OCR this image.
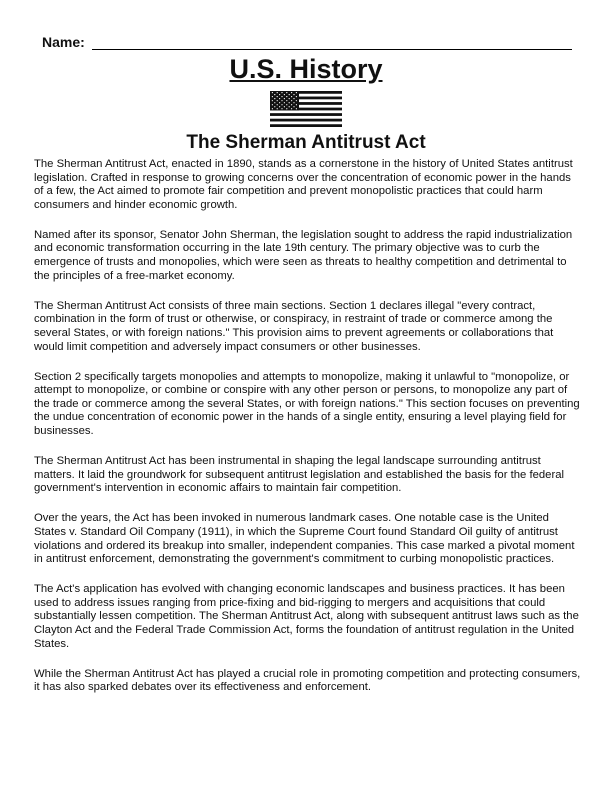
Name:
U.S. History
The Sherman Antitrust Act

The Sherman Antitrust Act, enacted in 1890, stands as a cornerstone in the history of United States antitrust legislation. Crafted in response to growing concerns over the concentration of economic power in the hands of a few, the Act aimed to promote fair competition and prevent monopolistic practices that could harm consumers and hinder economic growth.

Named after its sponsor, Senator John Sherman, the legislation sought to address the rapid industrialization and economic transformation occurring in the late 19th century. The primary objective was to curb the emergence of trusts and monopolies, which were seen as threats to healthy competition and detrimental to the principles of a free-market economy.

The Sherman Antitrust Act consists of three main sections. Section 1 declares illegal "every contract, combination in the form of trust or otherwise, or conspiracy, in restraint of trade or commerce among the several States, or with foreign nations." This provision aims to prevent agreements or collaborations that would limit competition and adversely impact consumers or other businesses.

Section 2 specifically targets monopolies and attempts to monopolize, making it unlawful to "monopolize, or attempt to monopolize, or combine or conspire with any other person or persons, to monopolize any part of the trade or commerce among the several States, or with foreign nations." This section focuses on preventing the undue concentration of economic power in the hands of a single entity, ensuring a level playing field for businesses.

The Sherman Antitrust Act has been instrumental in shaping the legal landscape surrounding antitrust matters. It laid the groundwork for subsequent antitrust legislation and established the basis for the federal government's intervention in economic affairs to maintain fair competition.

Over the years, the Act has been invoked in numerous landmark cases. One notable case is the United States v. Standard Oil Company (1911), in which the Supreme Court found Standard Oil guilty of antitrust violations and ordered its breakup into smaller, independent companies. This case marked a pivotal moment in antitrust enforcement, demonstrating the government's commitment to curbing monopolistic practices.

The Act's application has evolved with changing economic landscapes and business practices. It has been used to address issues ranging from price-fixing and bid-rigging to mergers and acquisitions that could substantially lessen competition. The Sherman Antitrust Act, along with subsequent antitrust laws such as the Clayton Act and the Federal Trade Commission Act, forms the foundation of antitrust regulation in the United States.

While the Sherman Antitrust Act has played a crucial role in promoting competition and protecting consumers, it has also sparked debates over its effectiveness and enforcement.
